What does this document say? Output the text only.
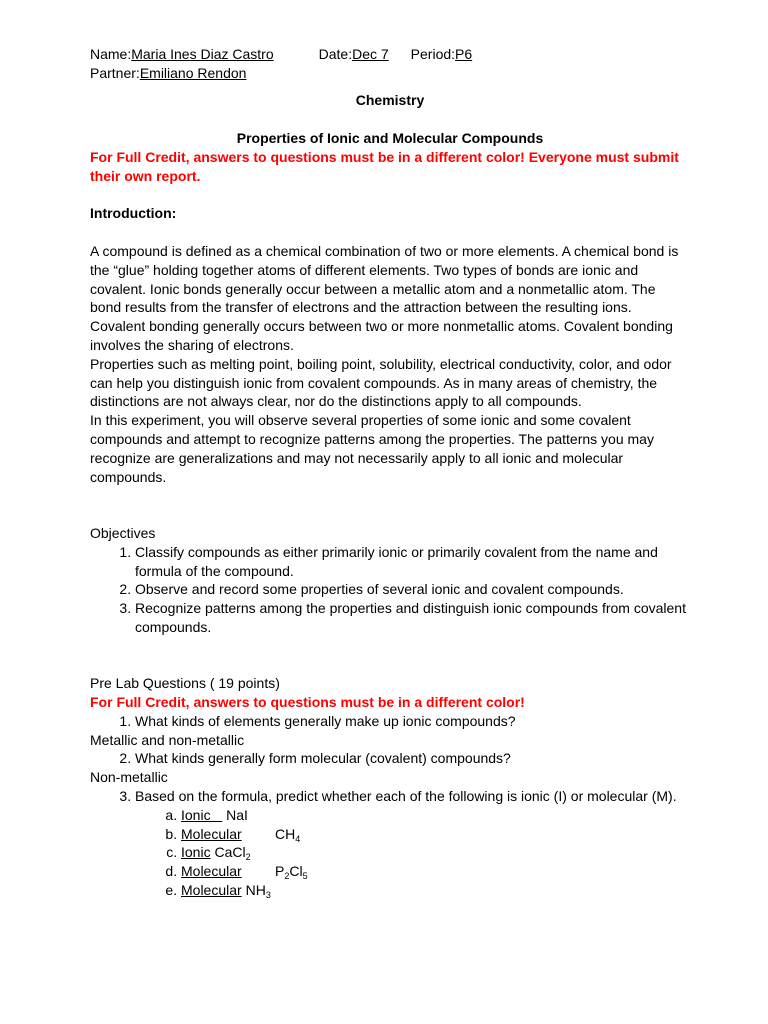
Name:Maria Ines Diaz Castro	Date:Dec 7 Period:P6
Partner:Emiliano Rendon

Chemistry

Properties of Ionic and Molecular Compounds

For Full Credit, answers to questions must be in a different color! Everyone must submit their own report.

Introduction:

A compound is defined as a chemical combination of two or more elements. A chemical bond is the “glue” holding together atoms of different elements. Two types of bonds are ionic and covalent. Ionic bonds generally occur between a metallic atom and a nonmetallic atom. The bond results from the transfer of electrons and the attraction between the resulting ions. Covalent bonding generally occurs between two or more nonmetallic atoms. Covalent bonding involves the sharing of electrons.

Properties such as melting point, boiling point, solubility, electrical conductivity, color, and odor can help you distinguish ionic from covalent compounds. As in many areas of chemistry, the distinctions are not always clear, nor do the distinctions apply to all compounds.

In this experiment, you will observe several properties of some ionic and some covalent compounds and attempt to recognize patterns among the properties. The patterns you may recognize are generalizations and may not necessarily apply to all ionic and molecular compounds.

Objectives

1. Classify compounds as either primarily ionic or primarily covalent from the name and formula of the compound.
2. Observe and record some properties of several ionic and covalent compounds.
3. Recognize patterns among the properties and distinguish ionic compounds from covalent compounds.

Pre Lab Questions ( 19 points)

For Full Credit, answers to questions must be in a different color!

1. What kinds of elements generally make up ionic compounds?

Metallic and non-metallic

2. What kinds generally form molecular (covalent) compounds?

Non-metallic

3. Based on the formula, predict whether each of the following is ionic (I) or molecular (M).
a. Ionic NaI
b. Molecular $CH_4$
c. Ionic CaCl$_2$
d. Molecular $P_2Cl_5$
e. Molecular $NH_3$
